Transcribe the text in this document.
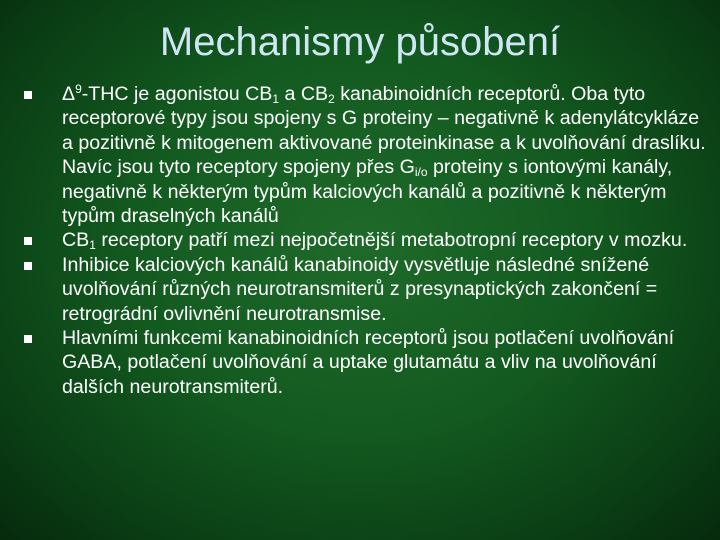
Mechanismy působení
$\Delta^9$-THC je agonistou $CB_1$ a $CB_2$ kanabinoidních receptorů. Oba tyto receptorové typy jsou spojeny s G proteiny – negativně k adenylátcykláze a pozitivně k mitogenem aktivované proteinkinase a k uvolňování draslíku. Navíc jsou tyto receptory spojeny přes $G_{i/o}$ proteiny s iontovými kanály, negativně k některým typům kalciových kanálů a pozitivně k některým typům draselných kanálů
$CB_1$ receptory patří mezi nejpočetnější metabotropní receptory v mozku.
Inhibice kalciových kanálů kanabinoidy vysvětluje následné snížené uvolňování různých neurotransmiterů z presynaptických zakončení = retrográdní ovlivnění neurotransmise.
Hlavními funkcemi kanabinoidních receptorů jsou potlačení uvolňování GABA, potlačení uvolňování a uptake glutamátu a vliv na uvolňování dalších neurotransmiterů.
